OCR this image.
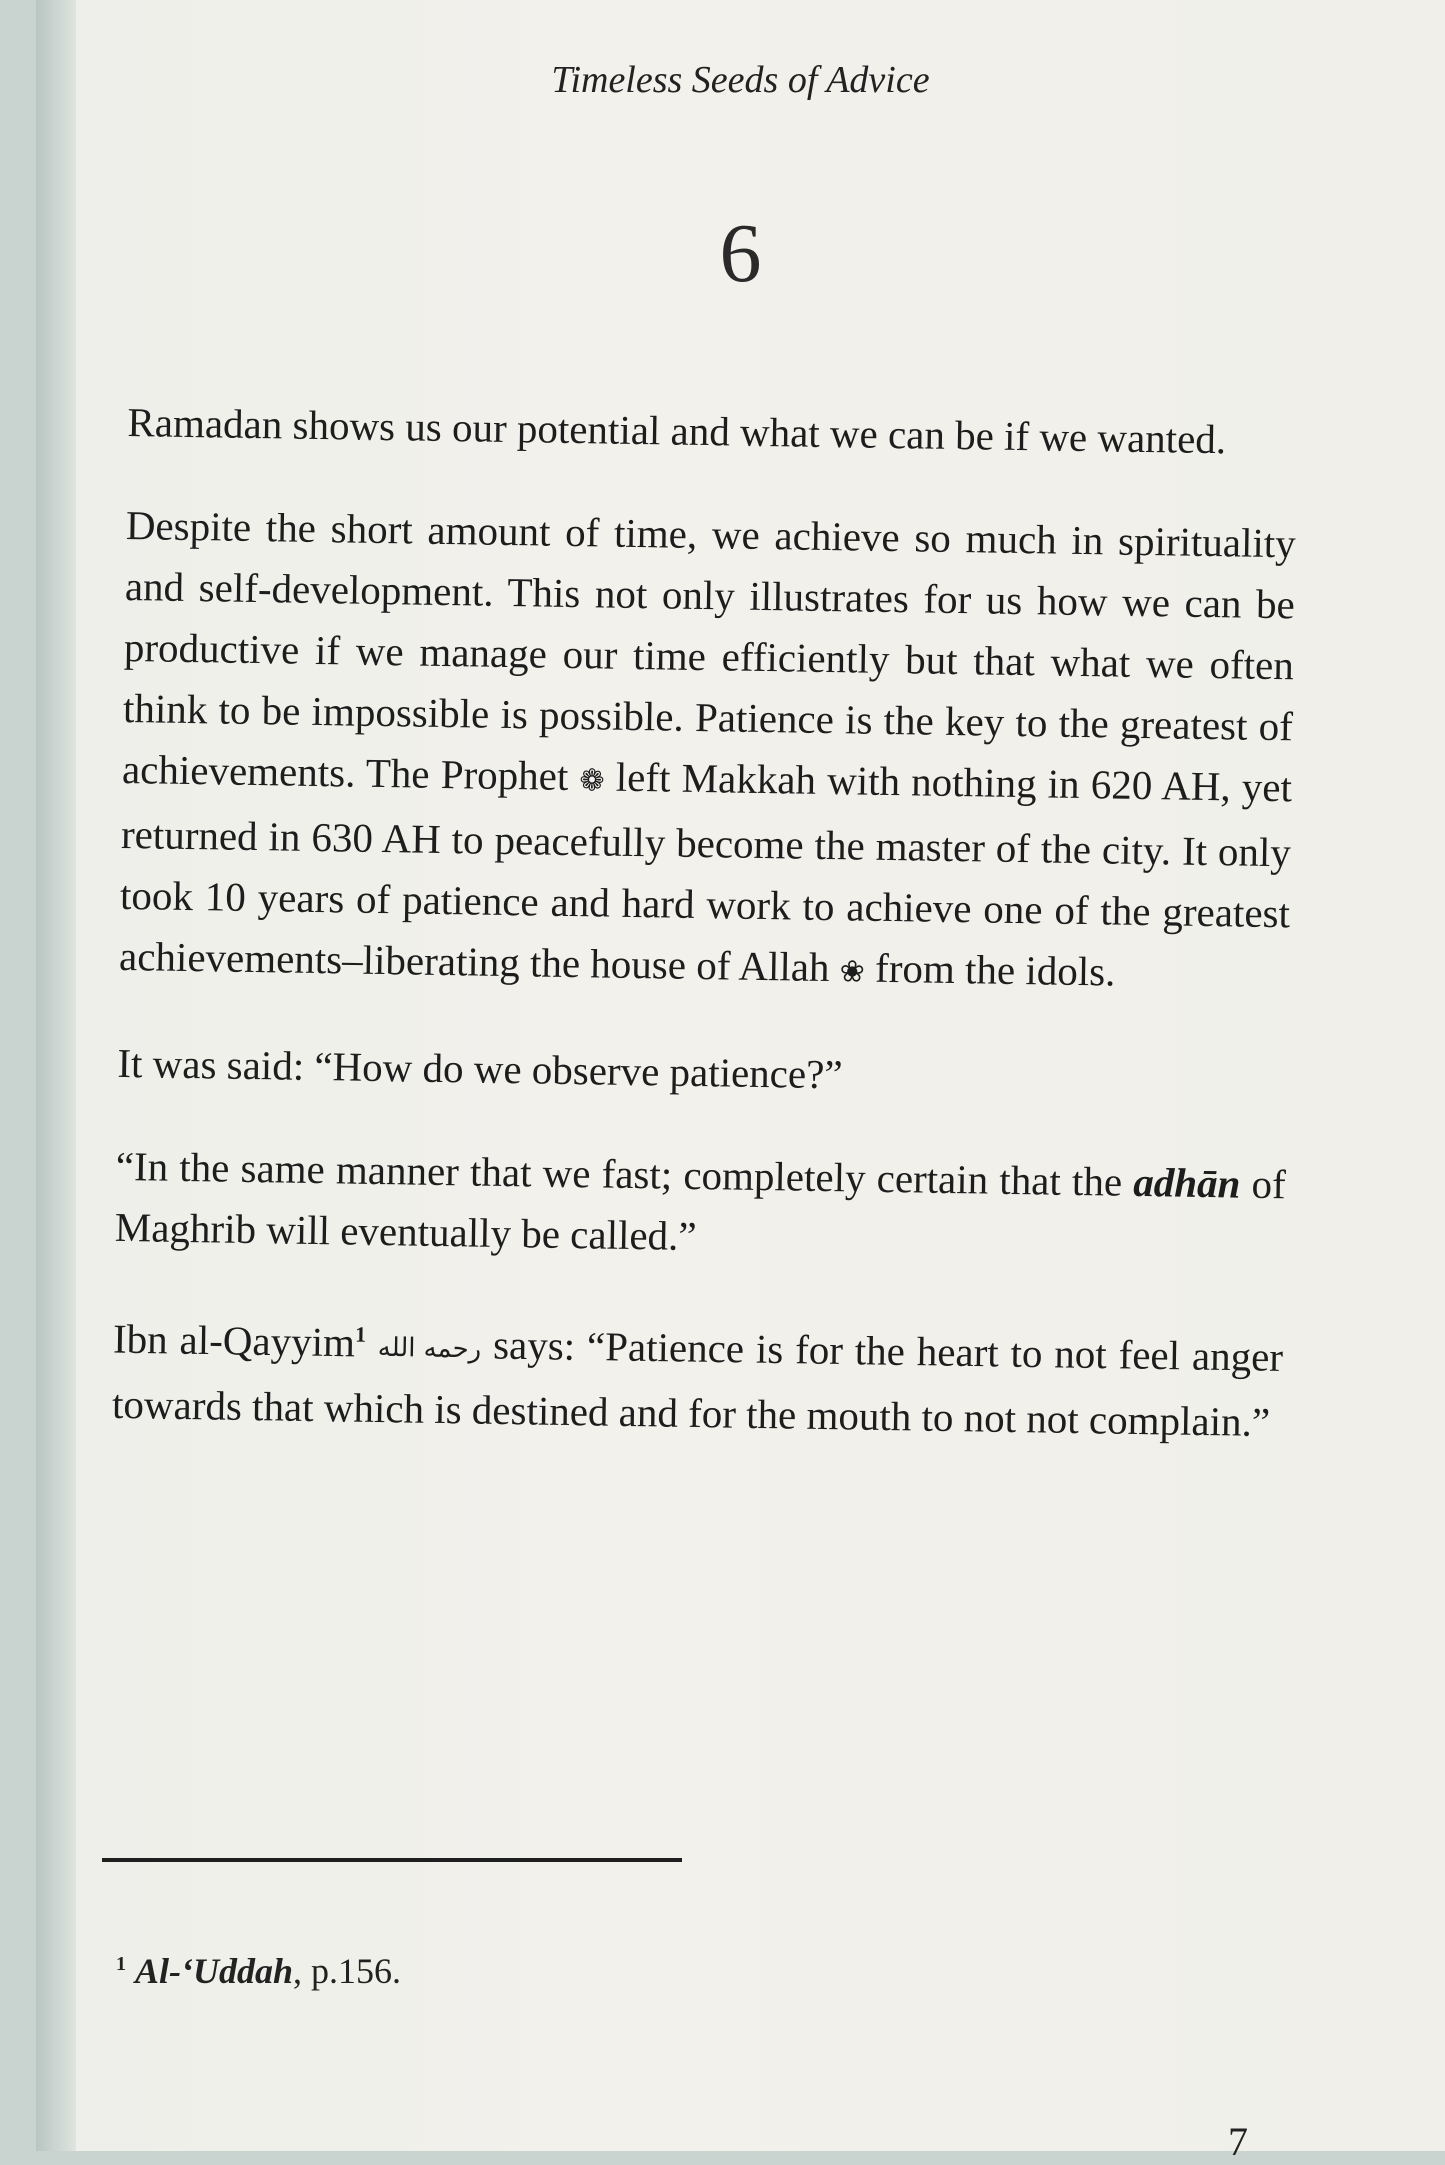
Timeless Seeds of Advice
6

Ramadan shows us our potential and what we can be if we wanted.

Despite the short amount of time, we achieve so much in spirituality and self-development. This not only illustrates for us how we can be productive if we manage our time efficiently but that what we often think to be impossible is possible. Patience is the key to the greatest of achievements. The Prophet ❁ left Makkah with nothing in 620 AH, yet returned in 630 AH to peacefully become the master of the city. It only took 10 years of patience and hard work to achieve one of the greatest achievements–liberating the house of Allah ❀ from the idols.

It was said: “How do we observe patience?”

“In the same manner that we fast; completely certain that the adhān of Maghrib will eventually be called.”

Ibn al-Qayyim$^1$ رحمه الله says: “Patience is for the heart to not feel anger towards that which is destined and for the mouth to not not complain.”

$^1$ Al-‘Uddah, p.156.
7
